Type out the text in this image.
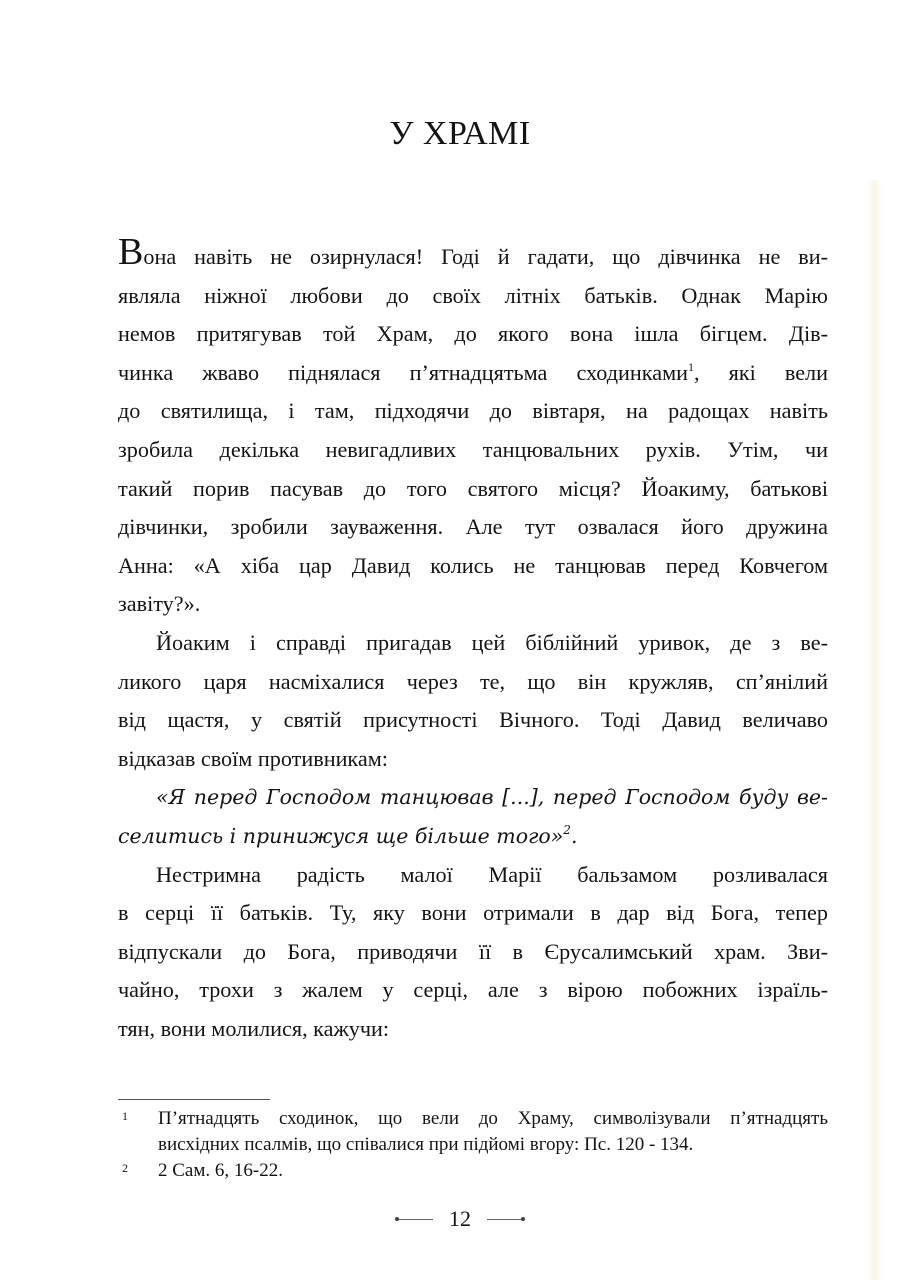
У ХРАМІ
Вона навіть не озирнулася! Годі й гадати, що дівчинка не ви-
являла ніжної любови до своїх літніх батьків. Однак Марію
немов притягував той Храм, до якого вона ішла бігцем. Дів-
чинка жваво піднялася п’ятнадцятьма сходинками$^1$, які вели
до святилища, і там, підходячи до вівтаря, на радощах навіть
зробила декілька невигадливих танцювальних рухів. Утім, чи
такий порив пасував до того святого місця? Йоакиму, батькові
дівчинки, зробили зауваження. Але тут озвалася його дружина
Анна: «А хіба цар Давид колись не танцював перед Ковчегом
завіту?».
Йоаким і справді пригадав цей біблійний уривок, де з ве-
ликого царя насміхалися через те, що він кружляв, сп’янілий
від щастя, у святій присутності Вічного. Тоді Давид величаво
відказав своїм противникам:
«Я перед Господом танцював [...], перед Господом буду ве-
селитись і принижуся ще більше того»$^2$.
Нестримна радість малої Марії бальзамом розливалася
в серці її батьків. Ту, яку вони отримали в дар від Бога, тепер
відпускали до Бога, приводячи її в Єрусалимський храм. Зви-
чайно, трохи з жалем у серці, але з вірою побожних ізраїль-
тян, вони молилися, кажучи:
1 П’ятнадцять сходинок, що вели до Храму, символізували п’ятнадцять
висхідних псалмів, що співалися при підйомі вгору: Пс. 120 - 134.
2 2 Сам. 6, 16-22.
12
